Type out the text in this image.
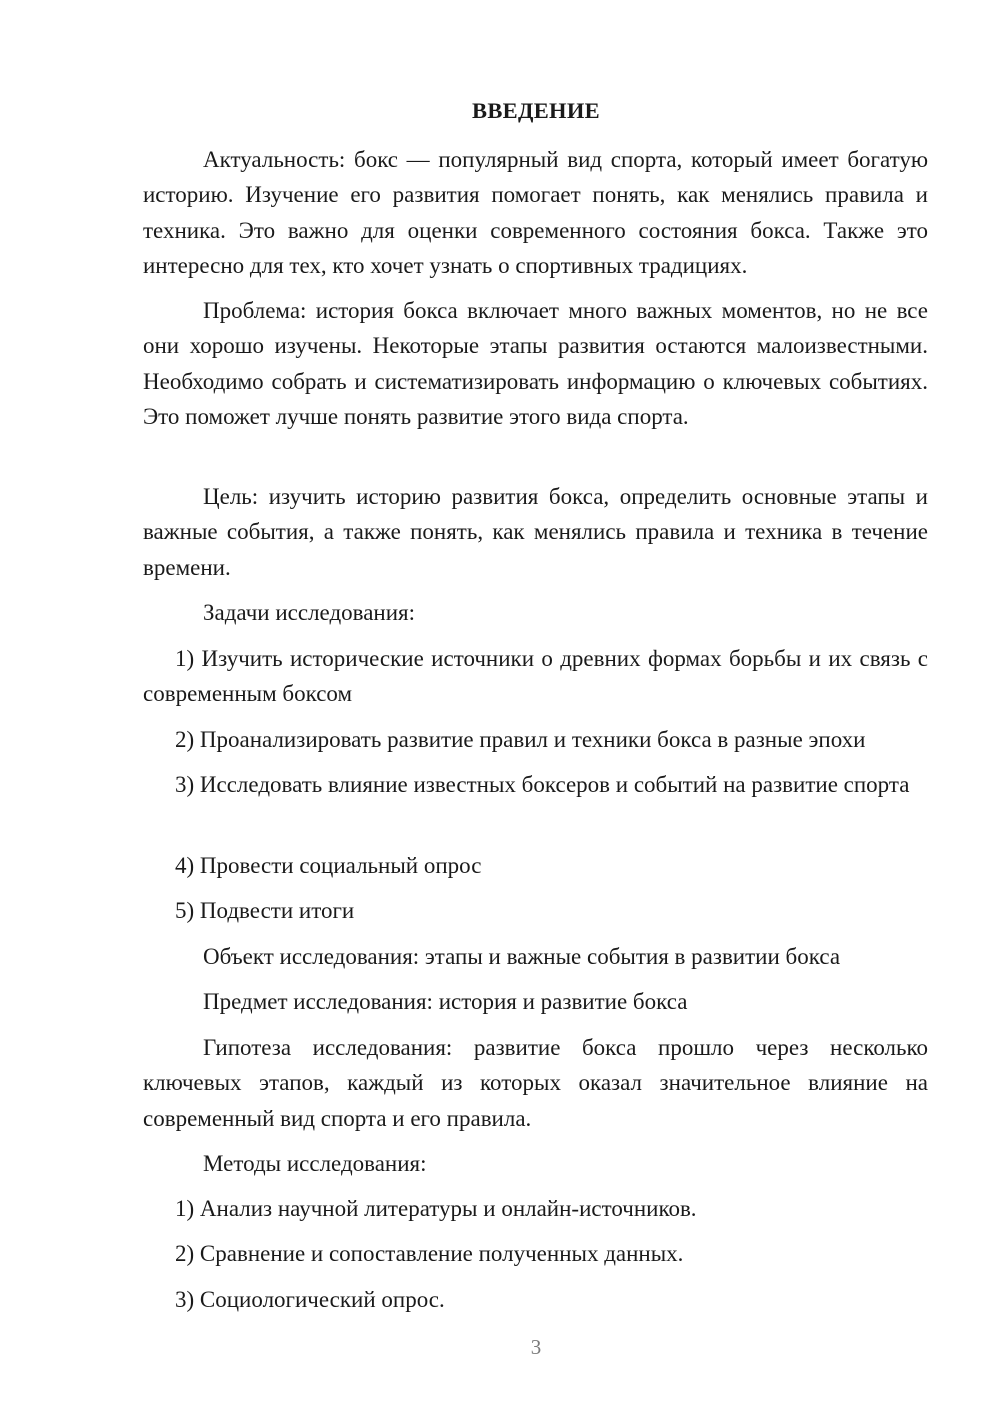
ВВЕДЕНИЕ

Актуальность: бокс — популярный вид спорта, который имеет богатую историю. Изучение его развития помогает понять, как менялись правила и техника. Это важно для оценки современного состояния бокса. Также это интересно для тех, кто хочет узнать о спортивных традициях.

Проблема: история бокса включает много важных моментов, но не все они хорошо изучены. Некоторые этапы развития остаются малоизвестными. Необходимо собрать и систематизировать информацию о ключевых событиях. Это поможет лучше понять развитие этого вида спорта.

Цель: изучить историю развития бокса, определить основные этапы и важные события, а также понять, как менялись правила и техника в течение времени.

Задачи исследования:

1) Изучить исторические источники о древних формах борьбы и их связь с современным боксом

2) Проанализировать развитие правил и техники бокса в разные эпохи

3) Исследовать влияние известных боксеров и событий на развитие спорта

4) Провести социальный опрос

5) Подвести итоги

Объект исследования: этапы и важные события в развитии бокса

Предмет исследования: история и развитие бокса

Гипотеза исследования: развитие бокса прошло через несколько ключевых этапов, каждый из которых оказал значительное влияние на современный вид спорта и его правила.

Методы исследования:

1) Анализ научной литературы и онлайн-источников.

2) Сравнение и сопоставление полученных данных.

3) Социологический опрос.

3
